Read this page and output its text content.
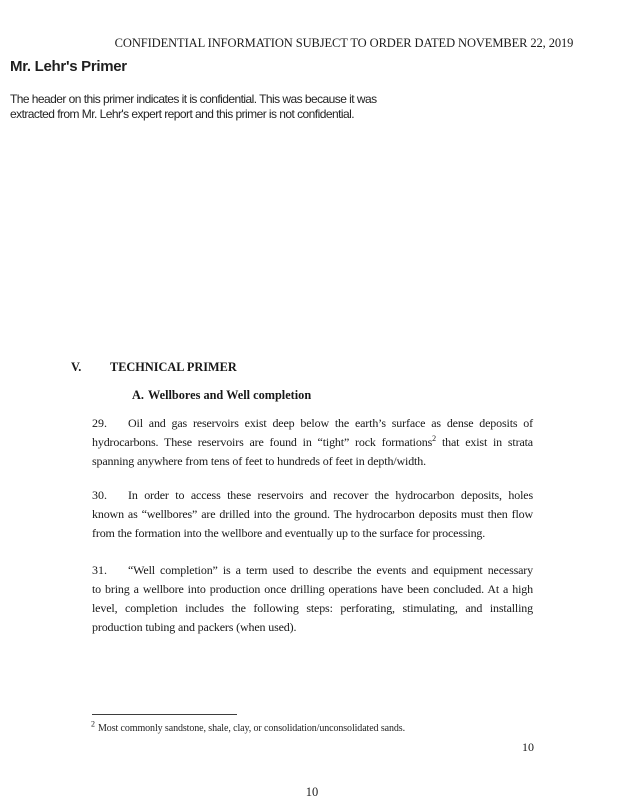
CONFIDENTIAL INFORMATION SUBJECT TO ORDER DATED NOVEMBER 22, 2019
Mr. Lehr's Primer
The header on this primer indicates it is confidential. This was because it was
extracted from Mr. Lehr's expert report and this primer is not confidential.
V. TECHNICAL PRIMER
A. Wellbores and Well completion
29. Oil and gas reservoirs exist deep below the earth’s surface as dense deposits of
hydrocarbons. These reservoirs are found in “tight” rock formations$^2$ that exist in strata
spanning anywhere from tens of feet to hundreds of feet in depth/width.
30. In order to access these reservoirs and recover the hydrocarbon deposits, holes
known as “wellbores” are drilled into the ground. The hydrocarbon deposits must then flow
from the formation into the wellbore and eventually up to the surface for processing.
31. “Well completion” is a term used to describe the events and equipment necessary
to bring a wellbore into production once drilling operations have been concluded. At a high
level, completion includes the following steps: perforating, stimulating, and installing
production tubing and packers (when used).
$^2$ Most commonly sandstone, shale, clay, or consolidation/unconsolidated sands.
10
10
